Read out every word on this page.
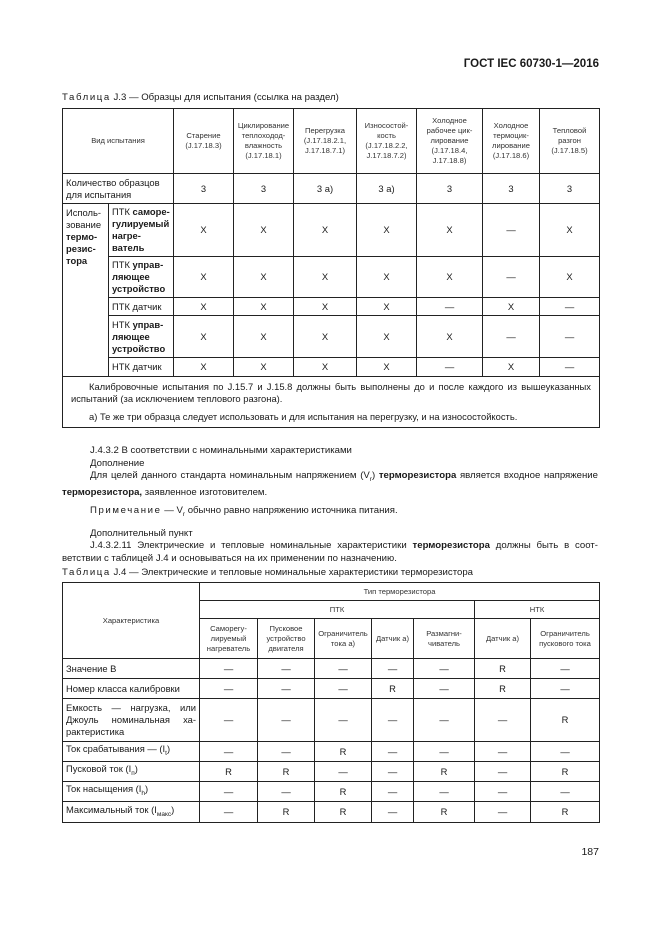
ГОСТ IEC 60730-1—2016
Таблица J.3 — Образцы для испытания (ссылка на раздел)
Вид испытания		Старение (J.17.18.3)	Циклирование теплоходод-влажность (J.17.18.1)	Перегрузка (J.17.18.2.1, J.17.18.7.1)	Износостойкость (J.17.18.2.2, J.17.18.7.2)	Холодное рабочее циклирование (J.17.18.4, J.17.18.8)	Холодное термоциклирование (J.17.18.6)	Тепловой разгон (J.17.18.5)
Количество образцов для испытания		3	3	3 а)	3 а)	3	3	3
Использование терморезистора	ПТК саморегулируемый нагреватель	X	X	X	X	X	—	X
	ПТК управляющее устройство	X	X	X	X	X	—	X
	ПТК датчик	X	X	X	X	—	X	—
	НТК управляющее устройство	X	X	X	X	X	—	—
	НТК датчик	X	X	X	X	—	X	—

Калибровочные испытания по J.15.7 и J.15.8 должны быть выполнены до и после каждого из вышеуказанных испытаний (за исключением теплового разгона).

а) Те же три образца следует использовать и для испытания на перегрузку, и на износостойкость.								

J.4.3.2 В соответствии с номинальными характеристиками

Дополнение

Для целей данного стандарта номинальным напряжением $(V_r)$ терморезистора является входное напряжение терморезистора, заявленное изготовителем.

Примечание — $V_r$ обычно равно напряжению источника питания.

Дополнительный пункт

J.4.3.2.11 Электрические и тепловые номинальные характеристики терморезистора должны быть в соответствии с таблицей J.4 и основываться на их применении по назначению.

Таблица J.4 — Электрические и тепловые номинальные характеристики терморезистора
Характеристика	Тип терморезистора						
	ПТК					НТК	
	Саморегулируемый нагреватель	Пусковое устройство двигателя	Ограничитель тока а)	Датчик а)	Размагничиватель	Датчик а)	Ограничитель пускового тока
Значение B	—	—	—	—	—	R	—
Номер класса калибровки	—	—	—	R	—	R	—
Емкость — нагрузка, или Джоуль номинальная характеристика	—	—	—	—	—	—	R
Ток срабатывания — $(I_t)$	—	—	R	—	—	—	—
Пусковой ток $(I_п)$	R	R	—	—	R	—	R
Ток насыщения $(I_h)$	—	—	R	—	—	—	—
Максимальный ток $(I_{макс})$	—	R	R	—	R	—	R
187
